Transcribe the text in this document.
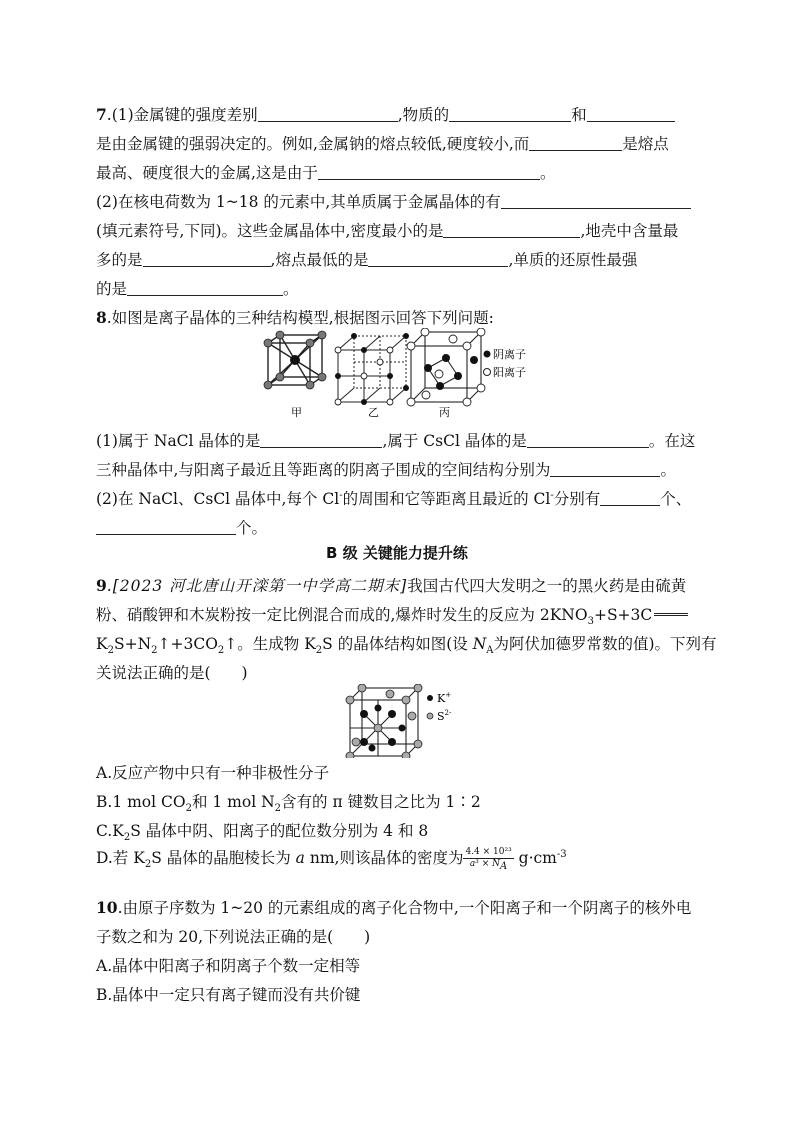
7.(1)金属键的强度差别	,物质的	和
是由金属键的强弱决定的。例如,金属钠的熔点较低,硬度较小,而	是熔点
最高、硬度很大的金属,这是由于	。
(2)在核电荷数为 1~18 的元素中,其单质属于金属晶体的有
(填元素符号,下同)。这些金属晶体中,密度最小的是	,地壳中含量最
多的是	,熔点最低的是	,单质的还原性最强
的是	。
8.如图是离子晶体的三种结构模型,根据图示回答下列问题:
阴离子
阳离子
甲	乙	丙
(1)属于 NaCl 晶体的是	,属于 CsCl 晶体的是	。在这
三种晶体中,与阳离子最近且等距离的阴离子围成的空间结构分别为	。
(2)在 NaCl、CsCl 晶体中,每个 Cl-的周围和它等距离且最近的 Cl-分别有	个、
个。
B 级 关键能力提升练
9.[2023 河北唐山开滦第一中学高二期末]我国古代四大发明之一的黑火药是由硫黄
粉、硝酸钾和木炭粉按一定比例混合而成的,爆炸时发生的反应为 $2KNO_3+S+3C$
$K_2S+N_2↑+3CO_2↑$。生成物 $K_2S$ 的晶体结构如图(设 $N_A$为阿伏加德罗常数的值)。下列有
关说法正确的是(　　)
K+
$S^{2-}$
A.反应产物中只有一种非极性分子
B.1 mol $CO_2$和 1 mol $N_2$含有的 π 键数目之比为 1∶2
$C.K_2S$ 晶体中阴、阳离子的配位数分别为 4 和 8
D.若 $K_2S$ 晶体的晶胞棱长为 a nm,则该晶体的密度为 $\frac{\text{4.4 × 10²³}}{a^3 \times N_A} g\cdot cm^{-3}$
10.由原子序数为 1~20 的元素组成的离子化合物中,一个阳离子和一个阴离子的核外电
子数之和为 20,下列说法正确的是(　　)
A.晶体中阳离子和阴离子个数一定相等
B.晶体中一定只有离子键而没有共价键
